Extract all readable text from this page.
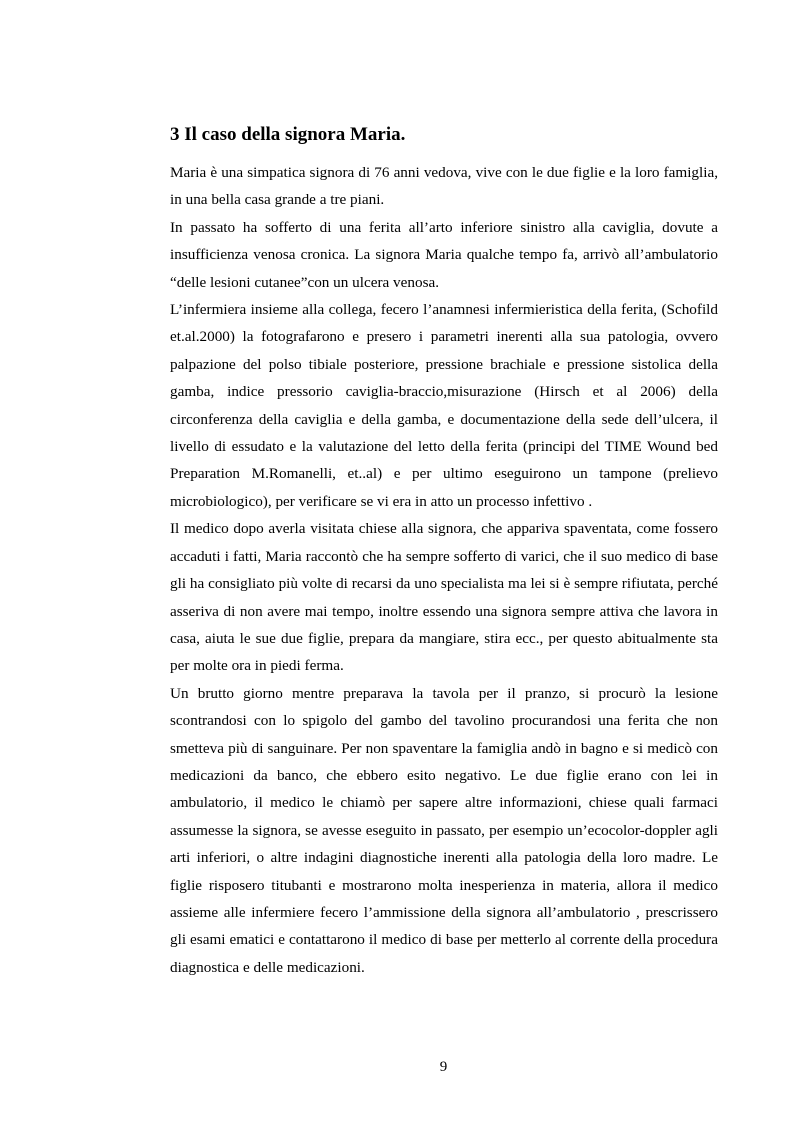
3 Il caso della signora Maria.

Maria è una simpatica signora di 76 anni vedova, vive con le due figlie e la loro famiglia, in una bella casa grande a tre piani.

In passato ha sofferto di una ferita all’arto inferiore sinistro alla caviglia, dovute a insufficienza venosa cronica. La signora Maria qualche tempo fa, arrivò all’ambulatorio “delle lesioni cutanee”con un ulcera venosa.

L’infermiera insieme alla collega, fecero l’anamnesi infermieristica della ferita, (Schofild et.al.2000) la fotografarono e presero i parametri inerenti alla sua patologia, ovvero palpazione del polso tibiale posteriore, pressione brachiale e pressione sistolica della gamba, indice pressorio caviglia-braccio,misurazione (Hirsch et al 2006) della circonferenza della caviglia e della gamba, e documentazione della sede dell’ulcera, il livello di essudato e la valutazione del letto della ferita (principi del TIME Wound bed Preparation M.Romanelli, et..al) e per ultimo eseguirono un tampone (prelievo microbiologico), per verificare se vi era in atto un processo infettivo .

Il medico dopo averla visitata chiese alla signora, che appariva spaventata, come fossero accaduti i fatti, Maria raccontò che ha sempre sofferto di varici, che il suo medico di base gli ha consigliato più volte di recarsi da uno specialista ma lei si è sempre rifiutata, perché asseriva di non avere mai tempo, inoltre essendo una signora sempre attiva che lavora in casa, aiuta le sue due figlie, prepara da mangiare, stira ecc., per questo abitualmente sta per molte ora in piedi ferma.

Un brutto giorno mentre preparava la tavola per il pranzo, si procurò la lesione scontrandosi con lo spigolo del gambo del tavolino procurandosi una ferita che non smetteva più di sanguinare. Per non spaventare la famiglia andò in bagno e si medicò con medicazioni da banco, che ebbero esito negativo. Le due figlie erano con lei in ambulatorio, il medico le chiamò per sapere altre informazioni, chiese quali farmaci assumesse la signora, se avesse eseguito in passato, per esempio un’ecocolor-doppler agli arti inferiori, o altre indagini diagnostiche inerenti alla patologia della loro madre. Le figlie risposero titubanti e mostrarono molta inesperienza in materia, allora il medico assieme alle infermiere fecero l’ammissione della signora all’ambulatorio , prescrissero gli esami ematici e contattarono il medico di base per metterlo al corrente della procedura diagnostica e delle medicazioni.

9
